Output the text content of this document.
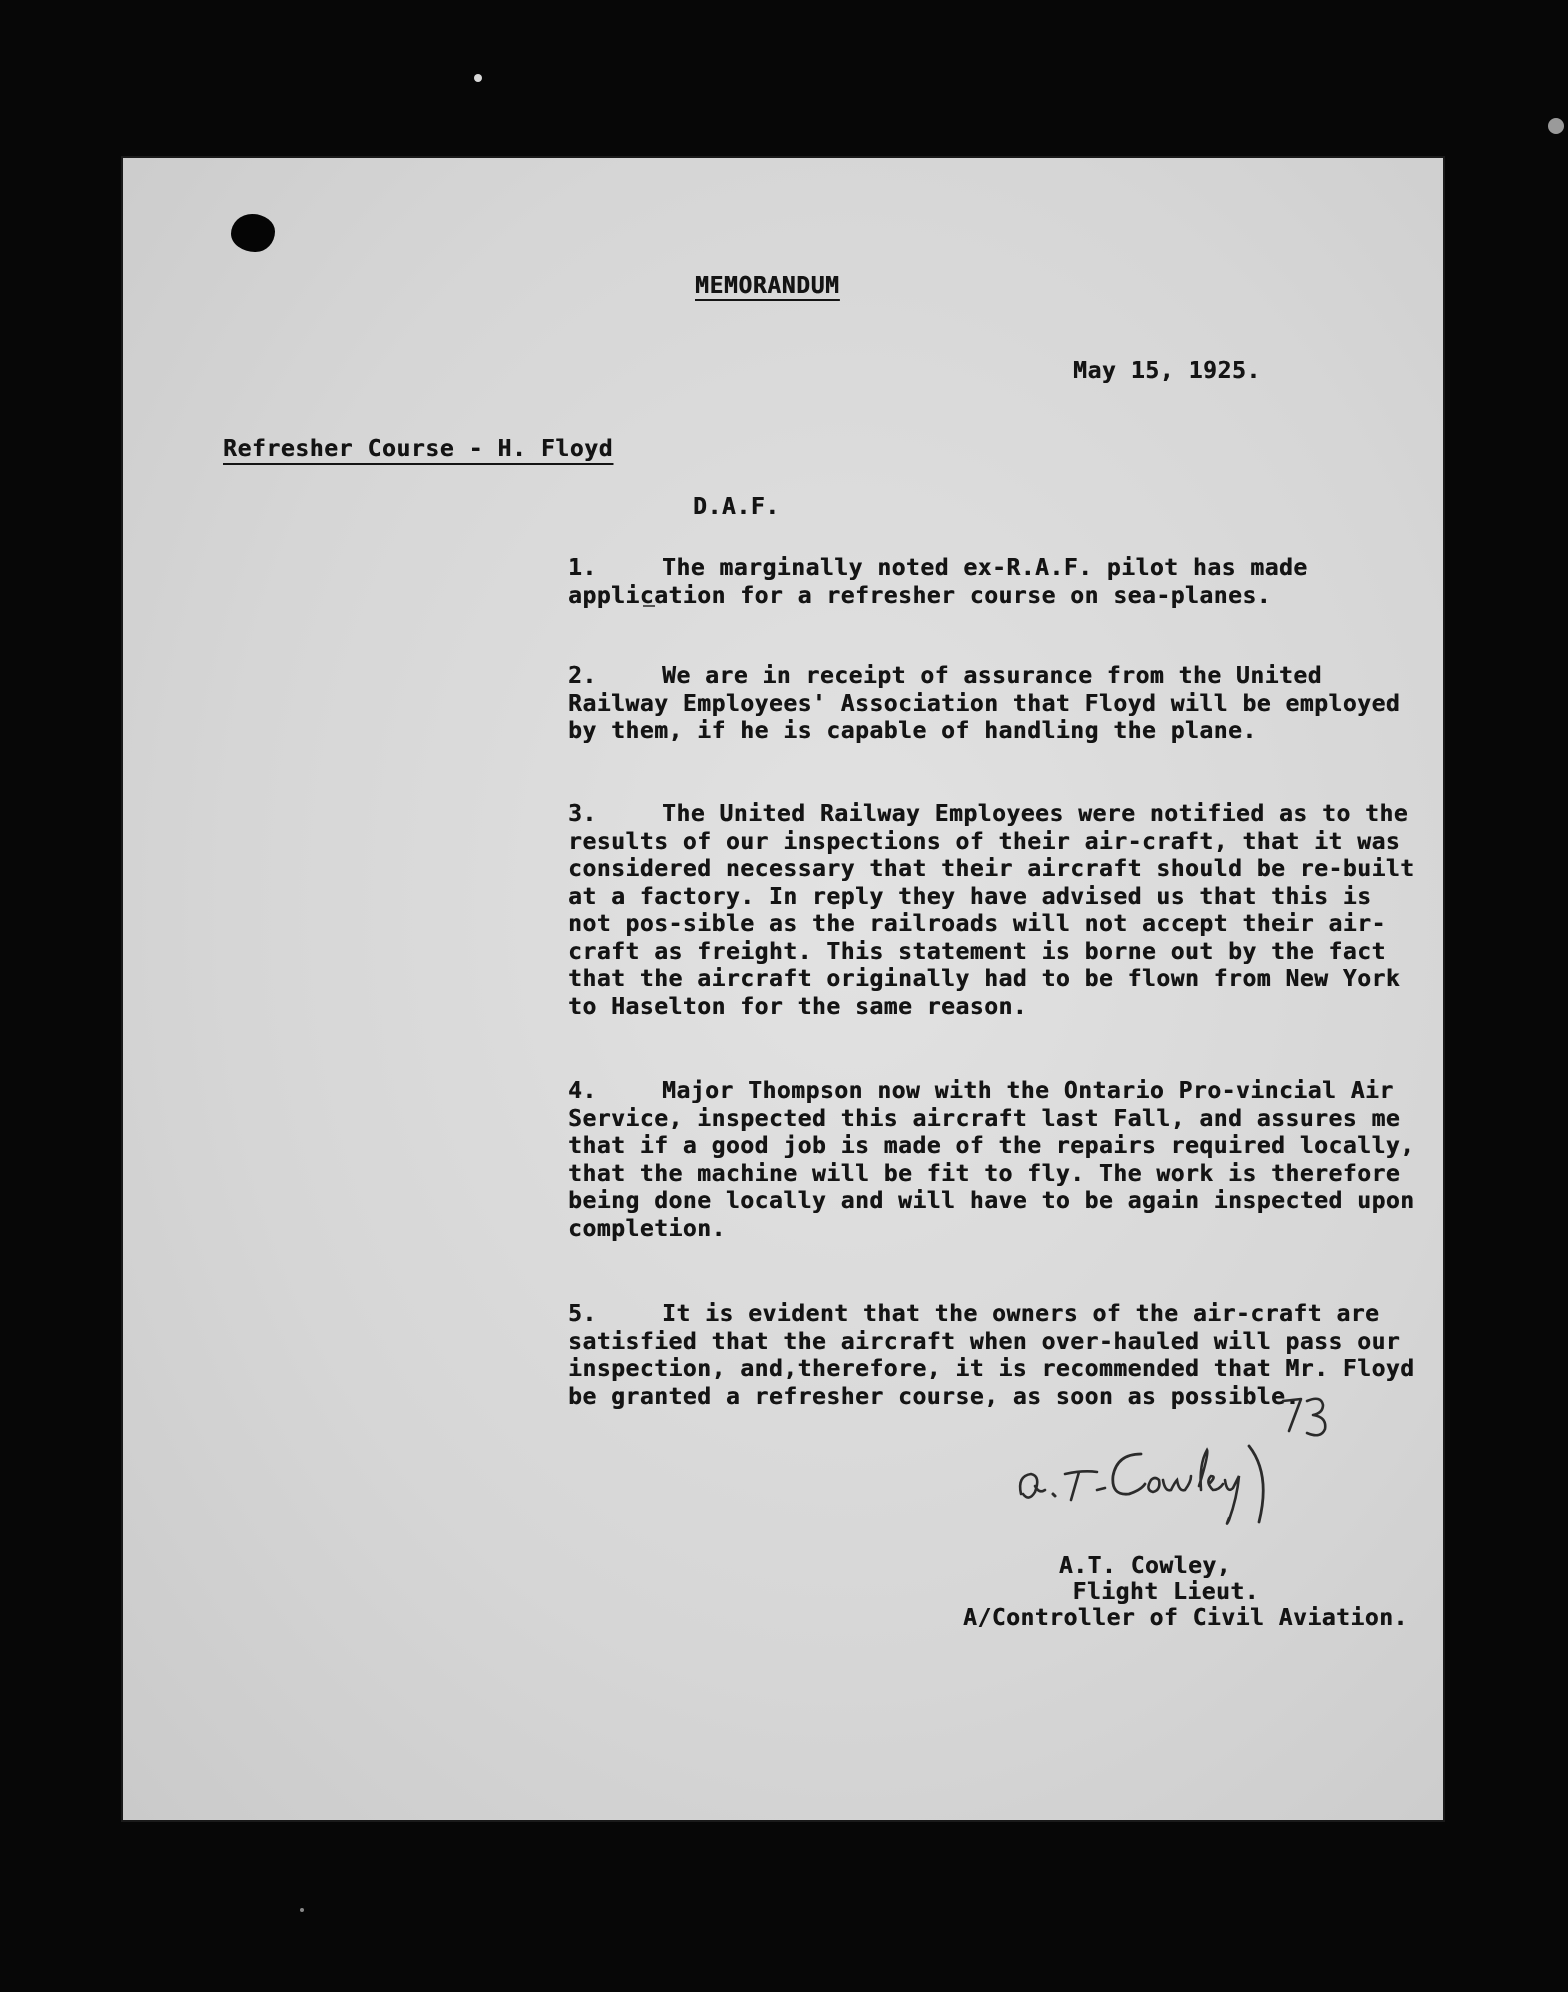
MEMORANDUM
May 15, 1925.
Refresher Course - H. Floyd
D.A.F.
1.	The marginally noted ex-R.A.F. pilot has made application for a refresher course on sea-planes.
2.	We are in receipt of assurance from the United Railway Employees' Association that Floyd will be employed by them, if he is capable of handling the plane.
3.	The United Railway Employees were notified as to the results of our inspections of their air-craft, that it was considered necessary that their aircraft should be re-built at a factory. In reply they have advised us that this is not pos-sible as the railroads will not accept their air-craft as freight. This statement is borne out by the fact that the aircraft originally had to be flown from New York to Haselton for the same reason.
4.	Major Thompson now with the Ontario Pro-vincial Air Service, inspected this aircraft last Fall, and assures me that if a good job is made of the repairs required locally, that the machine will be fit to fly. The work is therefore being done locally and will have to be again inspected upon completion.
5.	It is evident that the owners of the air-craft are satisfied that the aircraft when over-hauled will pass our inspection, and,therefore, it is recommended that Mr. Floyd be granted a refresher course, as soon as possible.
A.T. Cowley,
Flight Lieut.
A/Controller of Civil Aviation.
